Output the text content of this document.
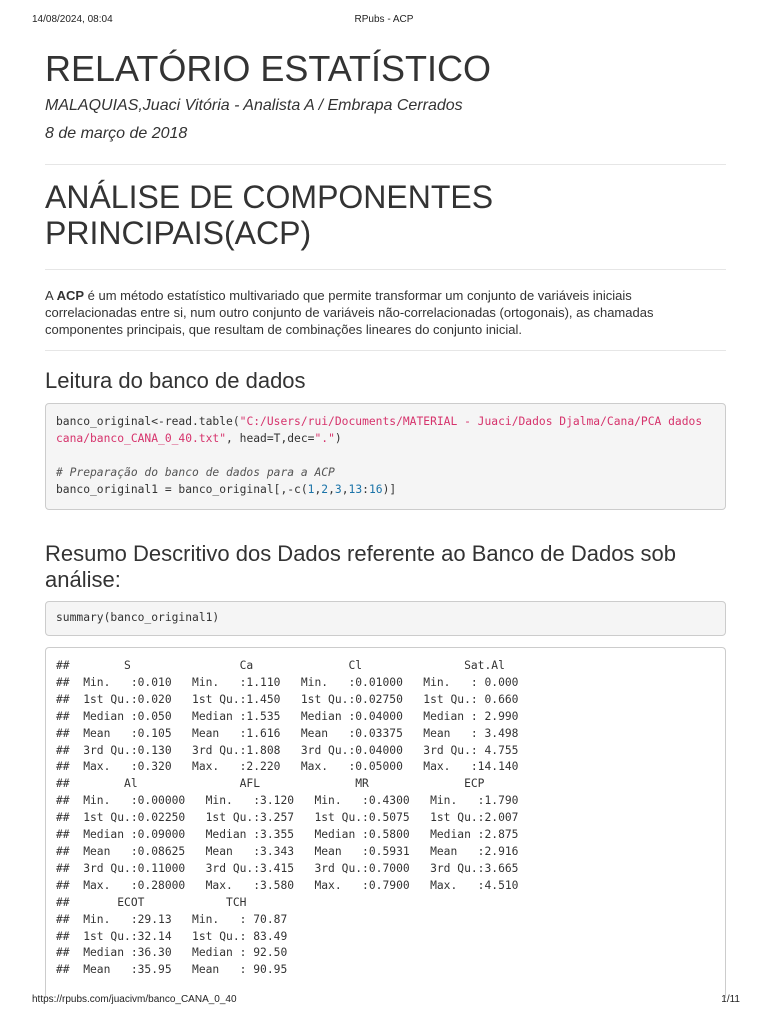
14/08/2024, 08:04	RPubs - ACP
RELATÓRIO ESTATÍSTICO
MALAQUIAS,Juaci Vitória - Analista A / Embrapa Cerrados
8 de março de 2018
ANÁLISE DE COMPONENTES
PRINCIPAIS(ACP)

A ACP é um método estatístico multivariado que permite transformar um conjunto de variáveis iniciais
correlacionadas entre si, num outro conjunto de variáveis não-correlacionadas (ortogonais), as chamadas
componentes principais, que resultam de combinações lineares do conjunto inicial.

Leitura do banco de dados
banco_original<-read.table("C:/Users/rui/Documents/MATERIAL - Juaci/Dados Djalma/Cana/PCA dados
cana/banco_CANA_0_40.txt", head=T,dec=".")

# Preparação do banco de dados para a ACP
banco_original1 = banco_original[,-c(1,2,3,13:16)]
Resumo Descritivo dos Dados referente ao Banco de Dados sob
análise:
summary(banco_original1)
##        S                Ca              Cl               Sat.Al
##  Min.   :0.010   Min.   :1.110   Min.   :0.01000   Min.   : 0.000
##  1st Qu.:0.020   1st Qu.:1.450   1st Qu.:0.02750   1st Qu.: 0.660
##  Median :0.050   Median :1.535   Median :0.04000   Median : 2.990
##  Mean   :0.105   Mean   :1.616   Mean   :0.03375   Mean   : 3.498
##  3rd Qu.:0.130   3rd Qu.:1.808   3rd Qu.:0.04000   3rd Qu.: 4.755
##  Max.   :0.320   Max.   :2.220   Max.   :0.05000   Max.   :14.140
##        Al               AFL              MR              ECP
##  Min.   :0.00000   Min.   :3.120   Min.   :0.4300   Min.   :1.790
##  1st Qu.:0.02250   1st Qu.:3.257   1st Qu.:0.5075   1st Qu.:2.007
##  Median :0.09000   Median :3.355   Median :0.5800   Median :2.875
##  Mean   :0.08625   Mean   :3.343   Mean   :0.5931   Mean   :2.916
##  3rd Qu.:0.11000   3rd Qu.:3.415   3rd Qu.:0.7000   3rd Qu.:3.665
##  Max.   :0.28000   Max.   :3.580   Max.   :0.7900   Max.   :4.510
##       ECOT            TCH
##  Min.   :29.13   Min.   : 70.87
##  1st Qu.:32.14   1st Qu.: 83.49
##  Median :36.30   Median : 92.50
##  Mean   :35.95   Mean   : 90.95
https://rpubs.com/juacivm/banco_CANA_0_40	1/11
